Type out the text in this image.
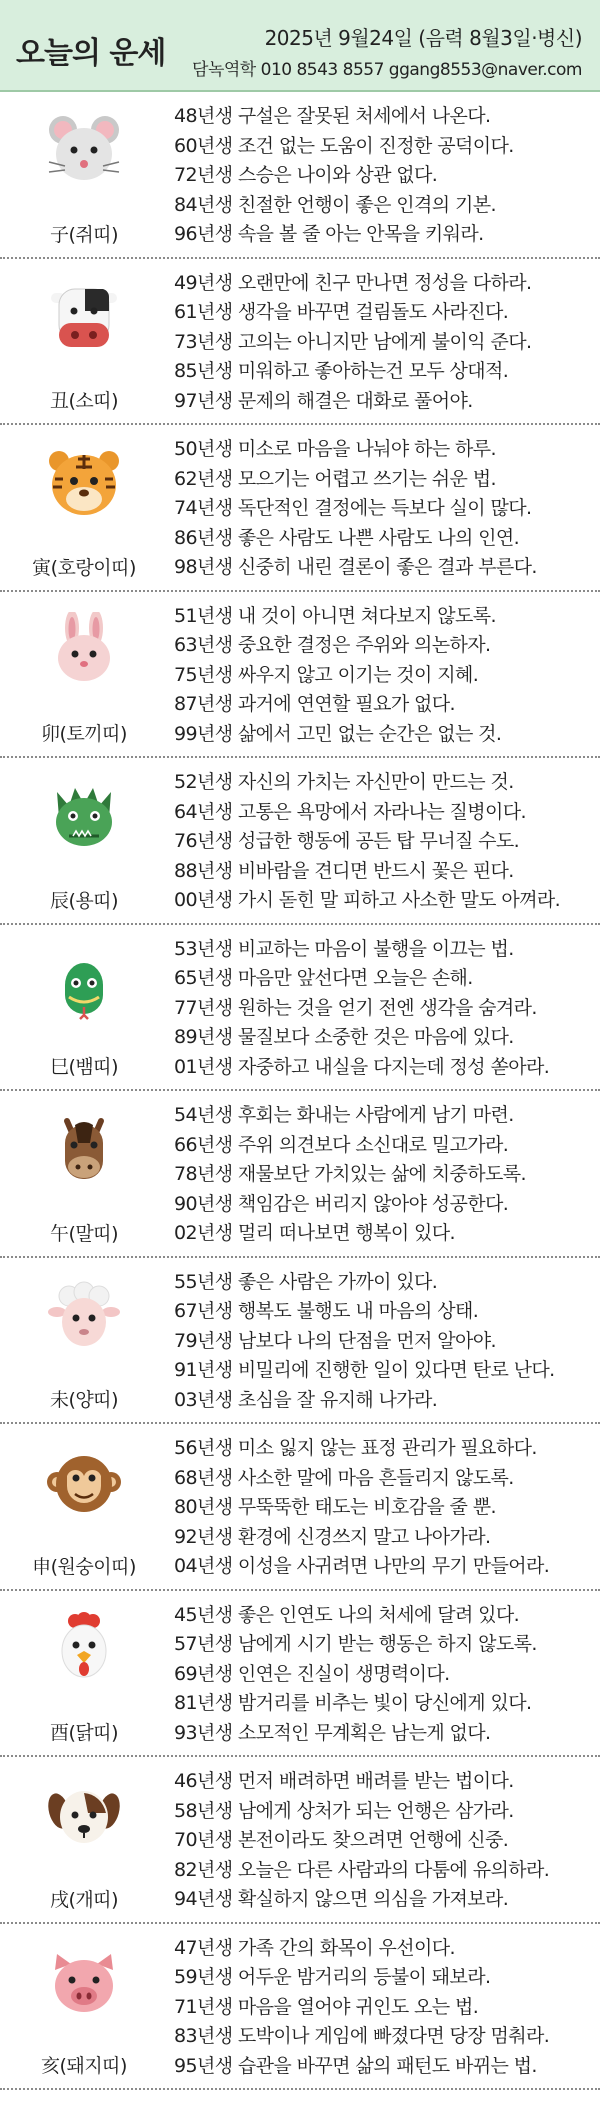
오늘의 운세	2025년 9월24일 (음력 8월3일·병신)
담녹역학 010 8543 8557 ggang8553@naver.com
子(쥐띠)
48년생 구설은 잘못된 처세에서 나온다.
60년생 조건 없는 도움이 진정한 공덕이다.
72년생 스승은 나이와 상관 없다.
84년생 친절한 언행이 좋은 인격의 기본.
96년생 속을 볼 줄 아는 안목을 키워라.
丑(소띠)
49년생 오랜만에 친구 만나면 정성을 다하라.
61년생 생각을 바꾸면 걸림돌도 사라진다.
73년생 고의는 아니지만 남에게 불이익 준다.
85년생 미워하고 좋아하는건 모두 상대적.
97년생 문제의 해결은 대화로 풀어야.
寅(호랑이띠)
50년생 미소로 마음을 나눠야 하는 하루.
62년생 모으기는 어렵고 쓰기는 쉬운 법.
74년생 독단적인 결정에는 득보다 실이 많다.
86년생 좋은 사람도 나쁜 사람도 나의 인연.
98년생 신중히 내린 결론이 좋은 결과 부른다.
卯(토끼띠)
51년생 내 것이 아니면 쳐다보지 않도록.
63년생 중요한 결정은 주위와 의논하자.
75년생 싸우지 않고 이기는 것이 지혜.
87년생 과거에 연연할 필요가 없다.
99년생 삶에서 고민 없는 순간은 없는 것.
辰(용띠)
52년생 자신의 가치는 자신만이 만드는 것.
64년생 고통은 욕망에서 자라나는 질병이다.
76년생 성급한 행동에 공든 탑 무너질 수도.
88년생 비바람을 견디면 반드시 꽃은 핀다.
00년생 가시 돋힌 말 피하고 사소한 말도 아껴라.
巳(뱀띠)
53년생 비교하는 마음이 불행을 이끄는 법.
65년생 마음만 앞선다면 오늘은 손해.
77년생 원하는 것을 얻기 전엔 생각을 숨겨라.
89년생 물질보다 소중한 것은 마음에 있다.
01년생 자중하고 내실을 다지는데 정성 쏟아라.
午(말띠)
54년생 후회는 화내는 사람에게 남기 마련.
66년생 주위 의견보다 소신대로 밀고가라.
78년생 재물보단 가치있는 삶에 치중하도록.
90년생 책임감은 버리지 않아야 성공한다.
02년생 멀리 떠나보면 행복이 있다.
未(양띠)
55년생 좋은 사람은 가까이 있다.
67년생 행복도 불행도 내 마음의 상태.
79년생 남보다 나의 단점을 먼저 알아야.
91년생 비밀리에 진행한 일이 있다면 탄로 난다.
03년생 초심을 잘 유지해 나가라.
申(원숭이띠)
56년생 미소 잃지 않는 표정 관리가 필요하다.
68년생 사소한 말에 마음 흔들리지 않도록.
80년생 무뚝뚝한 태도는 비호감을 줄 뿐.
92년생 환경에 신경쓰지 말고 나아가라.
04년생 이성을 사귀려면 나만의 무기 만들어라.
酉(닭띠)
45년생 좋은 인연도 나의 처세에 달려 있다.
57년생 남에게 시기 받는 행동은 하지 않도록.
69년생 인연은 진실이 생명력이다.
81년생 밤거리를 비추는 빛이 당신에게 있다.
93년생 소모적인 무계획은 남는게 없다.
戌(개띠)
46년생 먼저 배려하면 배려를 받는 법이다.
58년생 남에게 상처가 되는 언행은 삼가라.
70년생 본전이라도 찾으려면 언행에 신중.
82년생 오늘은 다른 사람과의 다툼에 유의하라.
94년생 확실하지 않으면 의심을 가져보라.
亥(돼지띠)
47년생 가족 간의 화목이 우선이다.
59년생 어두운 밤거리의 등불이 돼보라.
71년생 마음을 열어야 귀인도 오는 법.
83년생 도박이나 게임에 빠졌다면 당장 멈춰라.
95년생 습관을 바꾸면 삶의 패턴도 바뀌는 법.
